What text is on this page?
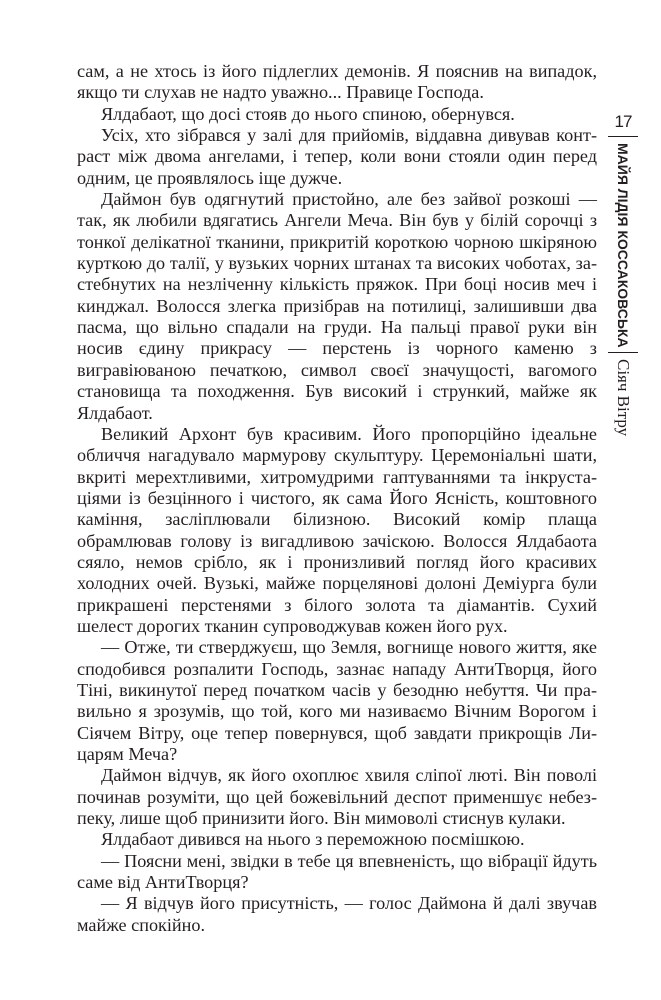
сам, а не хтось із його підлеглих демонів. Я пояснив на випадок, якщо ти слухав не надто уважно... Правице Господа.

Ялдабаот, що досі стояв до нього спиною, обернувся.

Усіх, хто зібрався у залі для прийомів, віддавна дивував контраст між двома ангелами, і тепер, коли вони стояли один перед одним, це проявлялось іще дужче.

Даймон був одягнутий пристойно, але без зайвої розкоші — так, як любили вдягатись Ангели Меча. Він був у білій сорочці з тонкої делікатної тканини, прикритій короткою чорною шкіряною курткою до талії, у вузьких чорних штанах та високих чоботах, застебнутих на незліченну кількість пряжок. При боці носив меч і кинджал. Волосся злегка призібрав на потилиці, залишивши два пасма, що вільно спадали на груди. На пальці правої руки він носив єдину прикрасу — перстень із чорного каменю з вигравіюваною печаткою, символ своєї значущості, вагомого становища та походження. Був високий і стрункий, майже як Ялдабаот.

Великий Архонт був красивим. Його пропорційно ідеальне обличчя нагадувало мармурову скульптуру. Церемоніальні шати, вкриті мерехтливими, хитромудрими гаптуваннями та інкрустаціями із безцінного і чистого, як сама Його Ясність, коштовного каміння, засліплювали білизною. Високий комір плаща обрамлював голову із вигадливою зачіскою. Волосся Ялдабаота сяяло, немов срібло, як і пронизливий погляд його красивих холодних очей. Вузькі, майже порцелянові долоні Деміурга були прикрашені перстенями з білого золота та діамантів. Сухий шелест дорогих тканин супроводжував кожен його рух.

— Отже, ти стверджуєш, що Земля, вогнище нового життя, яке сподобився розпалити Господь, зазнає нападу АнтиТворця, його Тіні, викинутої перед початком часів у безодню небуття. Чи правильно я зрозумів, що той, кого ми називаємо Вічним Ворогом і Сіячем Вітру, оце тепер повернувся, щоб завдати прикрощів Лицарям Меча?

Даймон відчув, як його охоплює хвиля сліпої люті. Він поволі починав розуміти, що цей божевільний деспот применшує небезпеку, лише щоб принизити його. Він мимоволі стиснув кулаки.

Ялдабаот дивився на нього з переможною посмішкою.

— Поясни мені, звідки в тебе ця впевненість, що вібрації йдуть саме від АнтиТворця?

— Я відчув його присутність, — голос Даймона й далі звучав майже спокійно.

17
МАЙЯ ЛІДІЯ КОССАКОВСЬКА
Сіяч Вітру
